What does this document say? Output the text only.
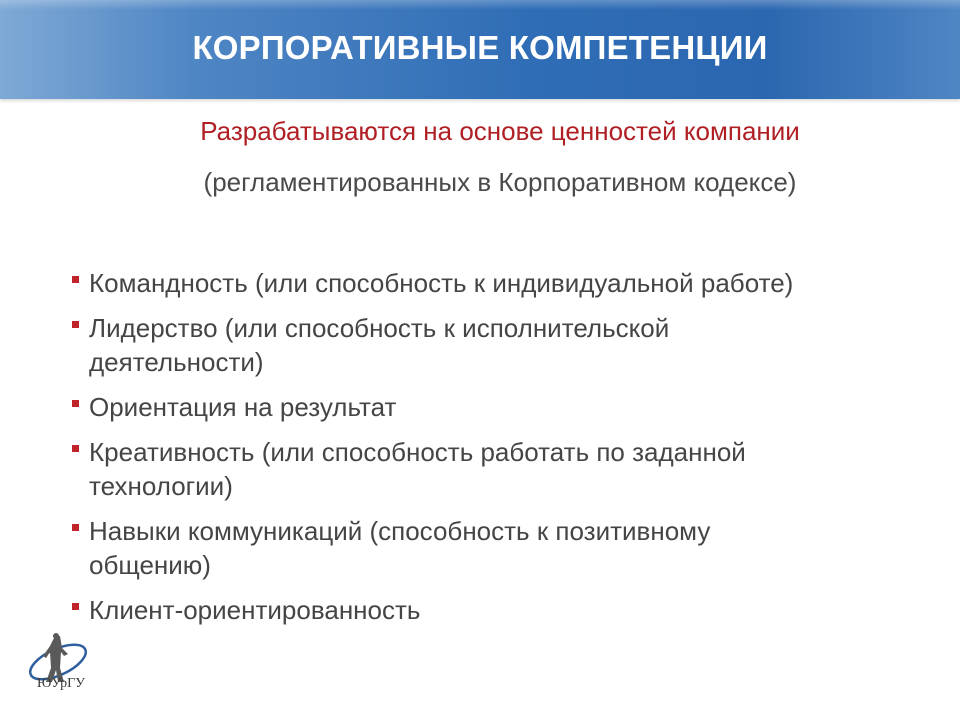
КОРПОРАТИВНЫЕ КОМПЕТЕНЦИИ
Разрабатываются на основе ценностей компании
(регламентированных в Корпоративном кодексе)
Командность (или способность к индивидуальной работе)
Лидерство (или способность к исполнительской
деятельности)
Ориентация на результат
Креативность (или способность работать по заданной
технологии)
Навыки коммуникаций (способность к позитивному
общению)
Клиент-ориентированность
ЮУрГУ
